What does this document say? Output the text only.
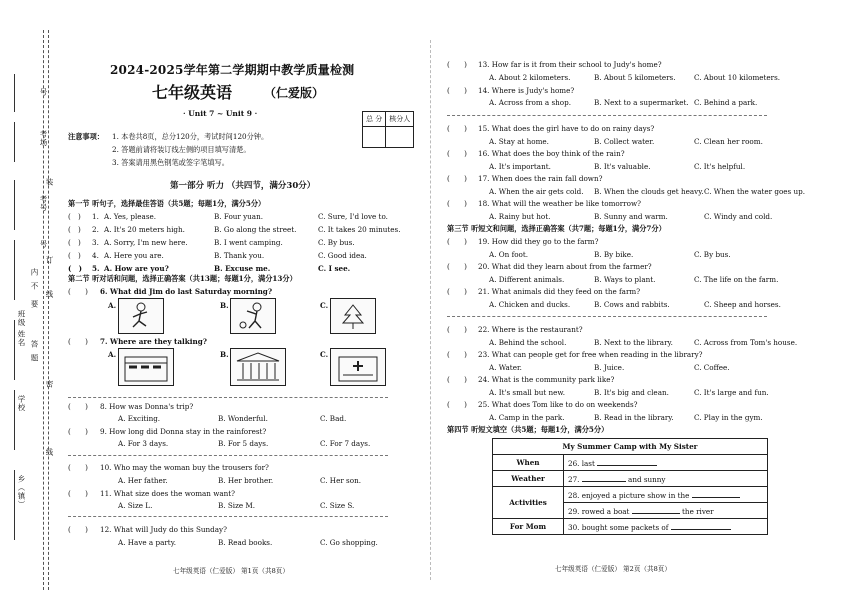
号
考场
考号
号
班级
姓名
学校
乡（镇）
装
订
线
内
不
要
答
题
线
密
2024-2025学年第二学期期中教学质量检测
七年级英语	（仁爱版）
· Unit 7 ~ Unit 9 ·
总 分	核分人

注意事项： 1. 本卷共8页，总分120分，考试时间120分钟。
2. 答题前请将装订线左侧的项目填写清楚。
3. 答案请用黑色钢笔或签字笔填写。
第一部分 听力 （共四节，满分30分）
第一节 听句子，选择最佳答语（共5题；每题1分，满分5分）
(　) 1. A. Yes, please.	B. Four yuan.	C. Sure, I'd love to.
(　) 2. A. It's 20 meters high.	B. Go along the street.	C. It takes 20 minutes.
(　) 3. A. Sorry, I'm new here.	B. I went camping.	C. By bus.
(　) 4. A. Here you are.	B. Thank you.	C. Good idea.
(　) 5. A. How are you?	B. Excuse me.	C. I see.
第二节 听对话和问题，选择正确答案（共13题；每题1分，满分13分）
(　　) 6. What did Jim do last Saturday morning?
A.	B.	C.
(　　) 7. Where are they talking?
A.	B.	C.
(　　) 8. How was Donna's trip?
A. Exciting.	B. Wonderful.	C. Bad.
(　　) 9. How long did Donna stay in the rainforest?
A. For 3 days.	B. For 5 days.	C. For 7 days.
(　　) 10. Who may the woman buy the trousers for?
A. Her father.	B. Her brother.	C. Her son.
(　　) 11. What size does the woman want?
A. Size L.	B. Size M.	C. Size S.
(　　) 12. What will Judy do this Sunday?
A. Have a party.	B. Read books.	C. Go shopping.
七年级英语（仁爱版） 第1页（共8页）
(　　) 13. How far is it from their school to Judy's home?
A. About 2 kilometers.	B. About 5 kilometers.	C. About 10 kilometers.
(　　) 14. Where is Judy's home?
A. Across from a shop.	B. Next to a supermarket. C. Behind a park.
(　　) 15. What does the girl have to do on rainy days?
A. Stay at home.	B. Collect water.	C. Clean her room.
(　　) 16. What does the boy think of the rain?
A. It's important.	B. It's valuable.	C. It's helpful.
(　　) 17. When does the rain fall down?
A. When the air gets cold. B. When the clouds get heavy. C. When the water goes up.
(　　) 18. What will the weather be like tomorrow?
A. Rainy but hot.	B. Sunny and warm.	C. Windy and cold.
第三节 听短文和问题，选择正确答案（共7题；每题1分，满分7分）
(　　) 19. How did they go to the farm?
A. On foot.	B. By bike.	C. By bus.
(　　) 20. What did they learn about from the farmer?
A. Different animals.	B. Ways to plant.	C. The life on the farm.
(　　) 21. What animals did they feed on the farm?
A. Chicken and ducks.	B. Cows and rabbits.	C. Sheep and horses.
(　　) 22. Where is the restaurant?
A. Behind the school.	B. Next to the library.	C. Across from Tom's house.
(　　) 23. What can people get for free when reading in the library?
A. Water.	B. Juice.	C. Coffee.
(　　) 24. What is the community park like?
A. It's small but new.	B. It's big and clean.	C. It's large and fun.
(　　) 25. What does Tom like to do on weekends?
A. Camp in the park.	B. Read in the library.	C. Play in the gym.
第四节 听短文填空（共5题；每题1分，满分5分）
My Summer Camp with My Sister	
When	26. last
Weather	27. and sunny
Activities	28. enjoyed a picture show in the
	29. rowed a boat the river
For Mom	30. bought some packets of
七年级英语（仁爱版） 第2页（共8页）
